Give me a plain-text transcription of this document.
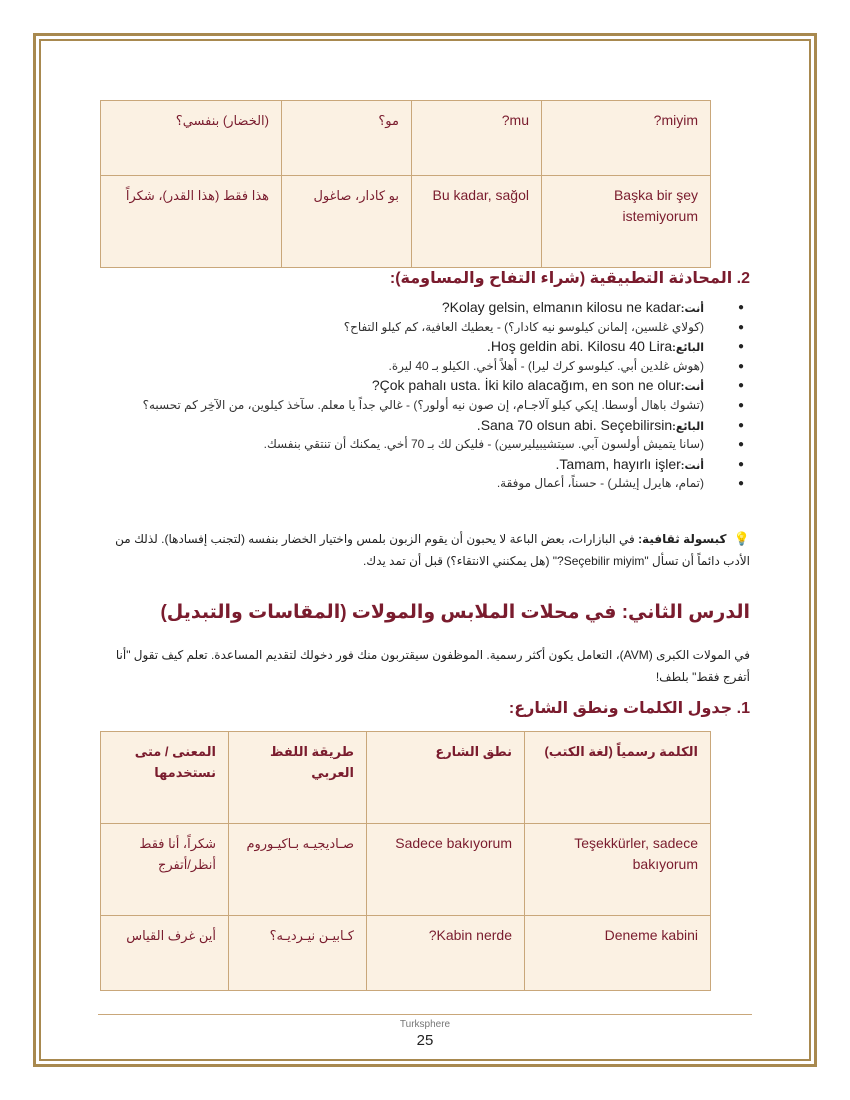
miyim?	mu?	مو؟	(الخضار) بنفسي؟
Başka bir şey istemiyorum	Bu kadar, sağol	بو كادار، صاغول	هذا فقط (هذا القدر)، شكراً
2. المحادثة التطبيقية (شراء التفاح والمساومة):
● أنت:Kolay gelsin, elmanın kilosu ne kadar?
● (كولاي غلسين، إلمانن كيلوسو نيه كادار؟) - يعطيك العافية، كم كيلو التفاح؟
● البائع:Hoş geldin abi. Kilosu 40 Lira.
● (هوش غلدين أبي. كيلوسو كرك ليرا) - أهلاً أخي. الكيلو بـ 40 ليرة.
● أنت:Çok pahalı usta. İki kilo alacağım, en son ne olur?
● (تشوك باهال أوسطا. إيكي كيلو آلاجـام، إن صون نيه أولور؟) - غالي جداً يا معلم. سآخذ كيلوين، من الآخِر كم تحسبه؟
● البائع:Sana 70 olsun abi. Seçebilirsin.
● (سانا يتميش أولسون آبي. سيتشيبيليرسين) - فليكن لك بـ 70 أخي. يمكنك أن تنتقي بنفسك.
● أنت:Tamam, hayırlı işler.
● (تمام، هايرل إيشلر) - حسناً، أعمال موفقة.

💡 كبسولة ثقافية: في البازارات، بعض الباعة لا يحبون أن يقوم الزبون بلمس واختيار الخضار بنفسه (لتجنب إفسادها). لذلك من الأدب دائماً أن تسأل "Seçebilir miyim?" (هل يمكنني الانتقاء؟) قبل أن تمد يدك.

الدرس الثاني: في محلات الملابس والمولات (المقاسات والتبديل)

في المولات الكبرى (AVM)، التعامل يكون أكثر رسمية. الموظفون سيقتربون منك فور دخولك لتقديم المساعدة. تعلم كيف تقول "أنا أتفرج فقط" بلطف!

1. جدول الكلمات ونطق الشارع:
الكلمة رسمياً (لغة الكتب)	نطق الشارع	طريقة اللفظ العربي	المعنى / متى نستخدمها
Teşekkürler, sadece bakıyorum	Sadece bakıyorum	صـاديجيـه بـاكيـوروم	شكراً، أنا فقط أنظر/أتفرج
Deneme kabini	Kabin nerde?	كـابيـن نيـرديـه؟	أين غرف القياس
Turksphere
25
